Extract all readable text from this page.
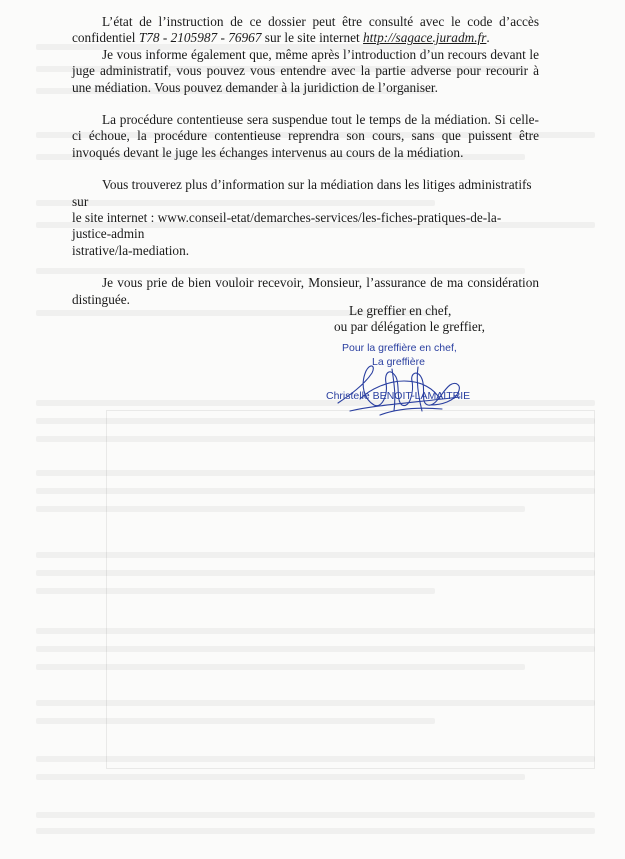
L’état de l’instruction de ce dossier peut être consulté avec le code d’accès confidentiel T78 - 2105987 - 76967 sur le site internet http://sagace.juradm.fr.

Je vous informe également que, même après l’introduction d’un recours devant le juge administratif, vous pouvez vous entendre avec la partie adverse pour recourir à une médiation. Vous pouvez demander à la juridiction de l’organiser.

La procédure contentieuse sera suspendue tout le temps de la médiation. Si celle-ci échoue, la procédure contentieuse reprendra son cours, sans que puissent être invoqués devant le juge les échanges intervenus au cours de la médiation.

Vous trouverez plus d’information sur la médiation dans les litiges administratifs sur
le site internet : www.conseil-etat/demarches-services/les-fiches-pratiques-de-la-justice-admin
istrative/la-mediation.

Je vous prie de bien vouloir recevoir, Monsieur, l’assurance de ma considération distinguée.

Le greffier en chef,
ou par délégation le greffier,
Pour la greffière en chef,
La greffière
Christelle BENOIT-LAMAITRIE
